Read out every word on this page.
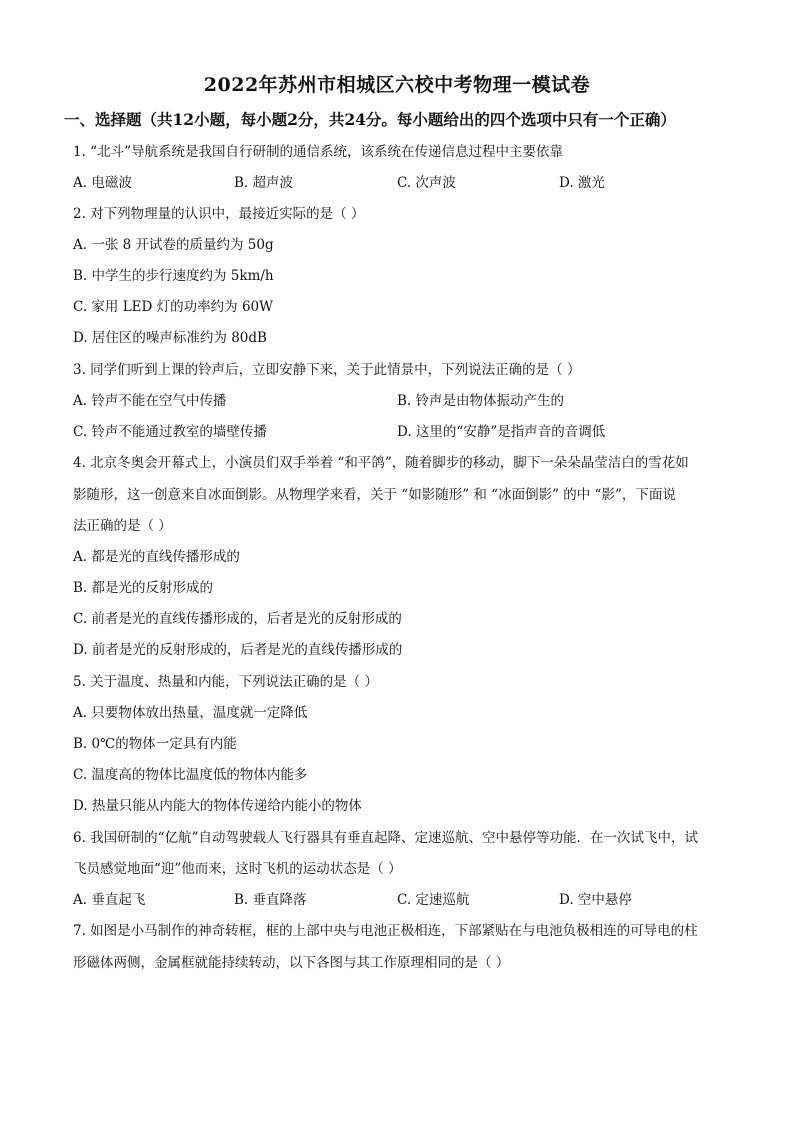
2022年苏州市相城区六校中考物理一模试卷
一、选择题（共12小题，每小题2分，共24分。每小题给出的四个选项中只有一个正确）
1. “北斗”导航系统是我国自行研制的通信系统，该系统在传递信息过程中主要依靠
A. 电磁波	B. 超声波	C. 次声波	D. 激光
2. 对下列物理量的认识中，最接近实际的是（ ）
A. 一张 8 开试卷的质量约为 50g
B. 中学生的步行速度约为 5km/h
C. 家用 LED 灯的功率约为 60W
D. 居住区的噪声标准约为 80dB
3. 同学们听到上课的铃声后，立即安静下来，关于此情景中，下列说法正确的是（ ）
A. 铃声不能在空气中传播	B. 铃声是由物体振动产生的
C. 铃声不能通过教室的墙壁传播	D. 这里的“安静”是指声音的音调低
4. 北京冬奥会开幕式上，小演员们双手举着 “和平鸽”，随着脚步的移动，脚下一朵朵晶莹洁白的雪花如
影随形，这一创意来自冰面倒影。从物理学来看，关于 “如影随形” 和 “冰面倒影” 的中 “影”，下面说
法正确的是（ ）
A. 都是光的直线传播形成的
B. 都是光的反射形成的
C. 前者是光的直线传播形成的，后者是光的反射形成的
D. 前者是光的反射形成的，后者是光的直线传播形成的
5. 关于温度、热量和内能，下列说法正确的是（ ）
A. 只要物体放出热量，温度就一定降低
B. 0℃的物体一定具有内能
C. 温度高的物体比温度低的物体内能多
D. 热量只能从内能大的物体传递给内能小的物体
6. 我国研制的“亿航”自动驾驶载人飞行器具有垂直起降、定速巡航、空中悬停等功能．在一次试飞中，试
飞员感觉地面“迎”他而来，这时飞机的运动状态是（ ）
A. 垂直起飞	B. 垂直降落	C. 定速巡航	D. 空中悬停
7. 如图是小马制作的神奇转框，框的上部中央与电池正极相连，下部紧贴在与电池负极相连的可导电的柱
形磁体两侧，金属框就能持续转动，以下各图与其工作原理相同的是（ ）
